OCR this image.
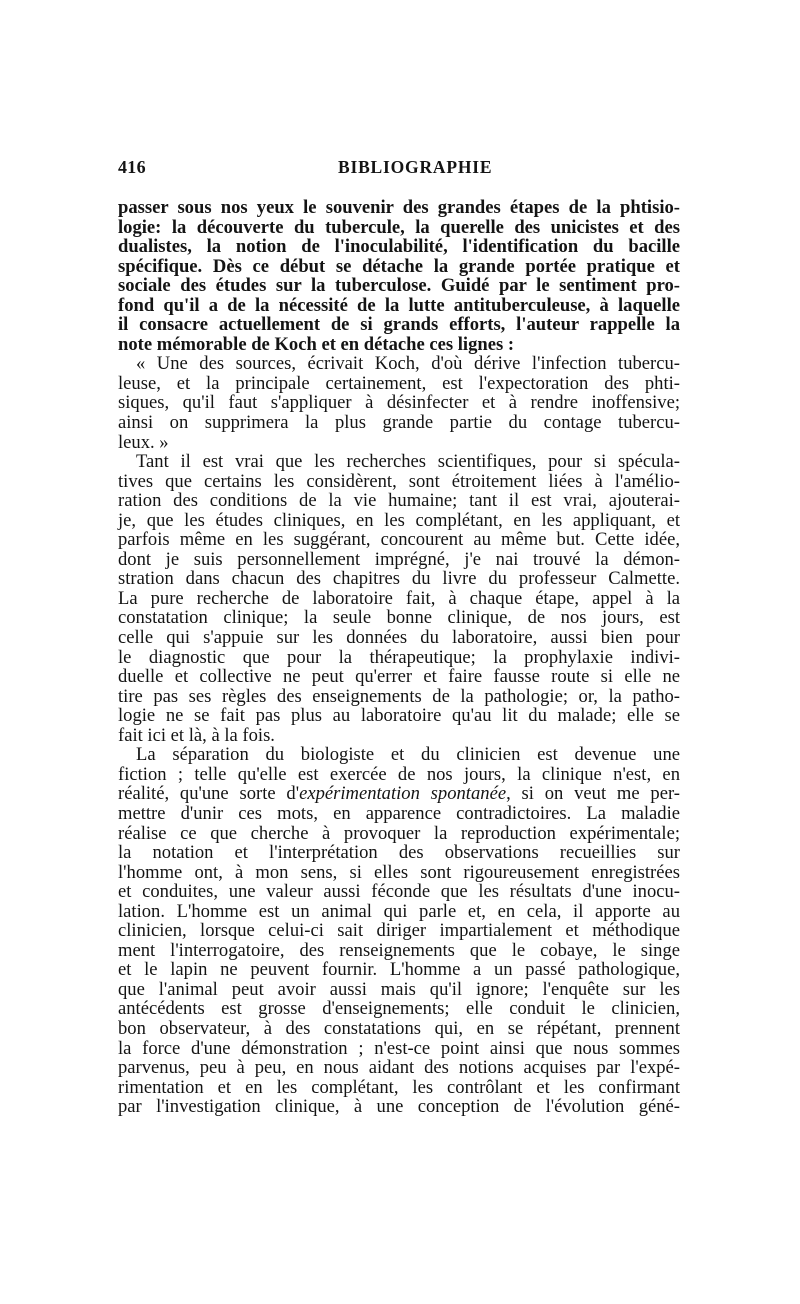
416	BIBLIOGRAPHIE
passer sous nos yeux le souvenir des grandes étapes de la phtisio-
logie: la découverte du tubercule, la querelle des unicistes et des
dualistes, la notion de l'inoculabilité, l'identification du bacille
spécifique. Dès ce début se détache la grande portée pratique et
sociale des études sur la tuberculose. Guidé par le sentiment pro-
fond qu'il a de la nécessité de la lutte antituberculeuse, à laquelle
il consacre actuellement de si grands efforts, l'auteur rappelle la
note mémorable de Koch et en détache ces lignes :
« Une des sources, écrivait Koch, d'où dérive l'infection tubercu-
leuse, et la principale certainement, est l'expectoration des phti-
siques, qu'il faut s'appliquer à désinfecter et à rendre inoffensive;
ainsi on supprimera la plus grande partie du contage tubercu-
leux. »
Tant il est vrai que les recherches scientifiques, pour si spécula-
tives que certains les considèrent, sont étroitement liées à l'amélio-
ration des conditions de la vie humaine; tant il est vrai, ajouterai-
je, que les études cliniques, en les complétant, en les appliquant, et
parfois même en les suggérant, concourent au même but. Cette idée,
dont je suis personnellement imprégné, j'e nai trouvé la démon-
stration dans chacun des chapitres du livre du professeur Calmette.
La pure recherche de laboratoire fait, à chaque étape, appel à la
constatation clinique; la seule bonne clinique, de nos jours, est
celle qui s'appuie sur les données du laboratoire, aussi bien pour
le diagnostic que pour la thérapeutique; la prophylaxie indivi-
duelle et collective ne peut qu'errer et faire fausse route si elle ne
tire pas ses règles des enseignements de la pathologie; or, la patho-
logie ne se fait pas plus au laboratoire qu'au lit du malade; elle se
fait ici et là, à la fois.
La séparation du biologiste et du clinicien est devenue une
fiction ; telle qu'elle est exercée de nos jours, la clinique n'est, en
réalité, qu'une sorte d'expérimentation spontanée, si on veut me per-
mettre d'unir ces mots, en apparence contradictoires. La maladie
réalise ce que cherche à provoquer la reproduction expérimentale;
la notation et l'interprétation des observations recueillies sur
l'homme ont, à mon sens, si elles sont rigoureusement enregistrées
et conduites, une valeur aussi féconde que les résultats d'une inocu-
lation. L'homme est un animal qui parle et, en cela, il apporte au
clinicien, lorsque celui-ci sait diriger impartialement et méthodique
ment l'interrogatoire, des renseignements que le cobaye, le singe
et le lapin ne peuvent fournir. L'homme a un passé pathologique,
que l'animal peut avoir aussi mais qu'il ignore; l'enquête sur les
antécédents est grosse d'enseignements; elle conduit le clinicien,
bon observateur, à des constatations qui, en se répétant, prennent
la force d'une démonstration ; n'est-ce point ainsi que nous sommes
parvenus, peu à peu, en nous aidant des notions acquises par l'expé-
rimentation et en les complétant, les contrôlant et les confirmant
par l'investigation clinique, à une conception de l'évolution géné-
